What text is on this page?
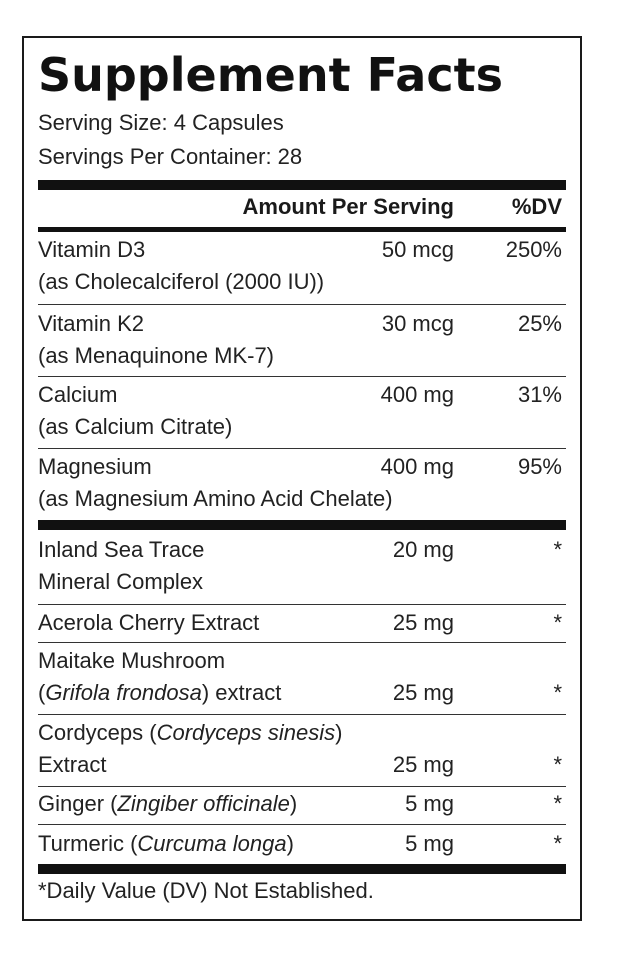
Supplement Facts
Serving Size: 4 Capsules
Servings Per Container: 28
Amount Per Serving	%DV
Vitamin D3
(as Cholecalciferol (2000 IU))
50 mcg 250%
Vitamin K2
(as Menaquinone MK-7)
30 mcg	25%
Calcium
(as Calcium Citrate)
400 mg	31%
Magnesium
(as Magnesium Amino Acid Chelate)
400 mg	95%
Inland Sea Trace
Mineral Complex
20 mg	*
Acerola Cherry Extract	25 mg	*
Maitake Mushroom
(Grifola frondosa) extract	25 mg	*
Cordyceps (Cordyceps sinesis)
Extract	25 mg	*
Ginger (Zingiber officinale)	5 mg	*
Turmeric (Curcuma longa)	5 mg	*
*Daily Value (DV) Not Established.
